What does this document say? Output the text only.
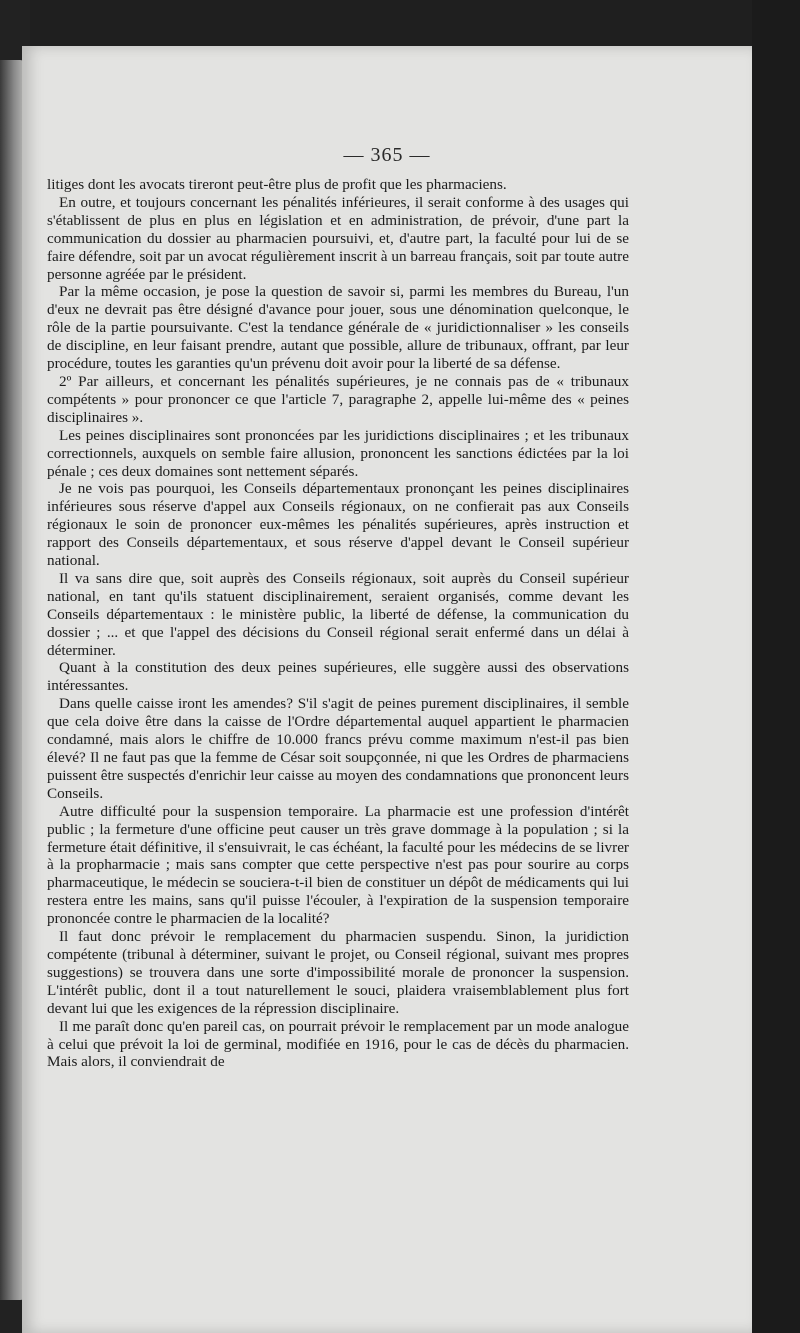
— 365 —

litiges dont les avocats tireront peut-être plus de profit que les pharmaciens.

En outre, et toujours concernant les pénalités inférieures, il serait conforme à des usages qui s'établissent de plus en plus en législation et en administration, de prévoir, d'une part la communication du dossier au pharmacien poursuivi, et, d'autre part, la faculté pour lui de se faire défendre, soit par un avocat régulièrement inscrit à un barreau français, soit par toute autre personne agréée par le président.

Par la même occasion, je pose la question de savoir si, parmi les membres du Bureau, l'un d'eux ne devrait pas être désigné d'avance pour jouer, sous une dénomination quelconque, le rôle de la partie poursuivante. C'est la tendance générale de « juridictionnaliser » les conseils de discipline, en leur faisant prendre, autant que possible, allure de tribunaux, offrant, par leur procédure, toutes les garanties qu'un prévenu doit avoir pour la liberté de sa défense.

2º Par ailleurs, et concernant les pénalités supérieures, je ne connais pas de « tribunaux compétents » pour prononcer ce que l'article 7, paragraphe 2, appelle lui-même des « peines disciplinaires ».

Les peines disciplinaires sont prononcées par les juridictions disciplinaires ; et les tribunaux correctionnels, auxquels on semble faire allusion, prononcent les sanctions édictées par la loi pénale ; ces deux domaines sont nettement séparés.

Je ne vois pas pourquoi, les Conseils départementaux prononçant les peines disciplinaires inférieures sous réserve d'appel aux Conseils régionaux, on ne confierait pas aux Conseils régionaux le soin de prononcer eux-mêmes les pénalités supérieures, après instruction et rapport des Conseils départementaux, et sous réserve d'appel devant le Conseil supérieur national.

Il va sans dire que, soit auprès des Conseils régionaux, soit auprès du Conseil supérieur national, en tant qu'ils statuent disciplinairement, seraient organisés, comme devant les Conseils départementaux : le ministère public, la liberté de défense, la communication du dossier ; ... et que l'appel des décisions du Conseil régional serait enfermé dans un délai à déterminer.

Quant à la constitution des deux peines supérieures, elle suggère aussi des observations intéressantes.

Dans quelle caisse iront les amendes? S'il s'agit de peines purement disciplinaires, il semble que cela doive être dans la caisse de l'Ordre départemental auquel appartient le pharmacien condamné, mais alors le chiffre de 10.000 francs prévu comme maximum n'est-il pas bien élevé? Il ne faut pas que la femme de César soit soupçonnée, ni que les Ordres de pharmaciens puissent être suspectés d'enrichir leur caisse au moyen des condamnations que prononcent leurs Conseils.

Autre difficulté pour la suspension temporaire. La pharmacie est une profession d'intérêt public ; la fermeture d'une officine peut causer un très grave dommage à la population ; si la fermeture était définitive, il s'ensuivrait, le cas échéant, la faculté pour les médecins de se livrer à la propharmacie ; mais sans compter que cette perspective n'est pas pour sourire au corps pharmaceutique, le médecin se souciera-t-il bien de constituer un dépôt de médicaments qui lui restera entre les mains, sans qu'il puisse l'écouler, à l'expiration de la suspension temporaire prononcée contre le pharmacien de la localité?

Il faut donc prévoir le remplacement du pharmacien suspendu. Sinon, la juridiction compétente (tribunal à déterminer, suivant le projet, ou Conseil régional, suivant mes propres suggestions) se trouvera dans une sorte d'impossibilité morale de prononcer la suspension. L'intérêt public, dont il a tout naturellement le souci, plaidera vraisemblablement plus fort devant lui que les exigences de la répression disciplinaire.

Il me paraît donc qu'en pareil cas, on pourrait prévoir le remplacement par un mode analogue à celui que prévoit la loi de germinal, modifiée en 1916, pour le cas de décès du pharmacien. Mais alors, il conviendrait de
